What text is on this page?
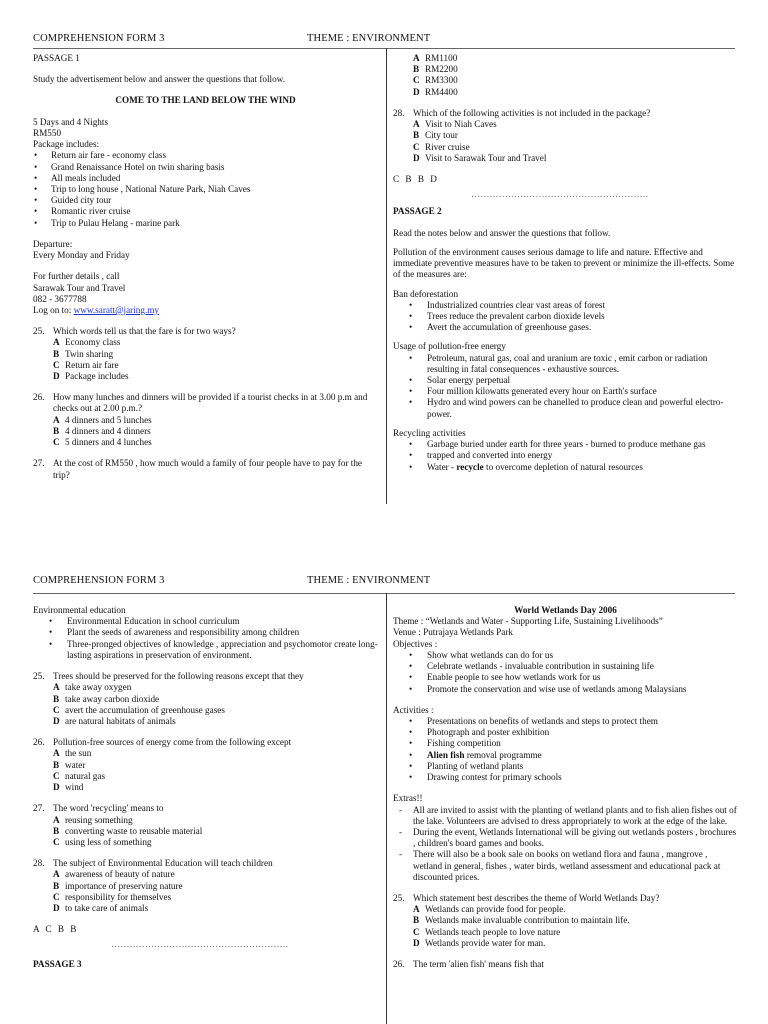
COMPREHENSION FORM 3	THEME : ENVIRONMENT

PASSAGE 1

Study the advertisement below and answer the questions that follow.

COME TO THE LAND BELOW THE WIND

5 Days and 4 Nights

RM550

Package includes:

• Return air fare - economy class
• Grand Renaissance Hotel on twin sharing basis
• All meals included
• Trip to long house , National Nature Park, Niah Caves
• Guided city tour
• Romantic river cruise
• Trip to Pulau Helang - marine park

Departure:

Every Monday and Friday

For further details , call

Sarawak Tour and Travel

082 - 3677788

Log on to: www.saratt@jaring.my

25. Which words tell us that the fare is for two ways?
A Economy class
B Twin sharing
C Return air fare
D Package includes
26. How many lunches and dinners will be provided if a tourist checks in at 3.00 p.m and checks out at 2.00 p.m.?
A 4 dinners and 5 lunches
B 4 dinners and 4 dinners
C 5 dinners and 4 lunches
27. At the cost of RM550 , how much would a family of four people have to pay for the trip?
A RM1100
B RM2200
C RM3300
D RM4400
28. Which of the following activities is not included in the package?
A Visit to Niah Caves
B City tour
C River cruise
D Visit to Sarawak Tour and Travel

C B B D

………………………………………………….

PASSAGE 2

Read the notes below and answer the questions that follow.

Pollution of the environment causes serious damage to life and nature. Effective and immediate preventive measures have to be taken to prevent or minimize the ill-effects. Some of the measures are:

Ban deforestation

• Industrialized countries clear vast areas of forest
• Trees reduce the prevalent carbon dioxide levels
• Avert the accumulation of greenhouse gases.

Usage of pollution-free energy

• Petroleum, natural gas, coal and uranium are toxic , emit carbon or radiation resulting in fatal consequences - exhaustive sources.
• Solar energy perpetual
• Four million kilowatts generated every hour on Earth's surface
• Hydro and wind powers can be chanelled to produce clean and powerful electro-power.

Recycling activities

• Garbage buried under earth for three years - burned to produce methane gas
• trapped and converted into energy
• Water - recycle to overcome depletion of natural resources
COMPREHENSION FORM 3	THEME : ENVIRONMENT

Environmental education

• Environmental Education in school curriculum
• Plant the seeds of awareness and responsibility among children
• Three-pronged objectives of knowledge , appreciation and psychomotor create long-lasting aspirations in preservation of environment.
25. Trees should be preserved for the following reasons except that they
A take away oxygen
B take away carbon dioxide
C avert the accumulation of greenhouse gases
D are natural habitats of animals
26. Pollution-free sources of energy come from the following except
A the sun
B water
C natural gas
D wind
27. The word 'recycling' means to
A reusing something
B converting waste to reusable material
C using less of something
28. The subject of Environmental Education will teach children
A awareness of beauty of nature
B importance of preserving nature
C responsibility for themselves
D to take care of animals

A C B B

………………………………………………….

PASSAGE 3

World Wetlands Day 2006

Theme : “Wetlands and Water - Supporting Life, Sustaining Livelihoods”

Venue : Putrajaya Wetlands Park

Objectives :

• Show what wetlands can do for us
• Celebrate wetlands - invaluable contribution in sustaining life
• Enable people to see how wetlands work for us
• Promote the conservation and wise use of wetlands among Malaysians

Activities :

• Presentations on benefits of wetlands and steps to protect them
• Photograph and poster exhibition
• Fishing competition
• Alien fish removal programme
• Planting of wetland plants
• Drawing contest for primary schools

Extras!!

- All are invited to assist with the planting of wetland plants and to fish alien fishes out of the lake. Volunteers are advised to dress appropriately to work at the edge of the lake.
- During the event, Wetlands International will be giving out wetlands posters , brochures , children's board games and books.
- There will also be a book sale on books on wetland flora and fauna , mangrove , wetland in general, fishes , water birds, wetland assessment and educational pack at discounted prices.
25. Which statement best describes the theme of World Wetlands Day?
A Wetlands can provide food for people.
B Wetlands make invaluable contribution to maintain life.
C Wetlands teach people to love nature
D Wetlands provide water for man.
26. The term 'alien fish' means fish that
